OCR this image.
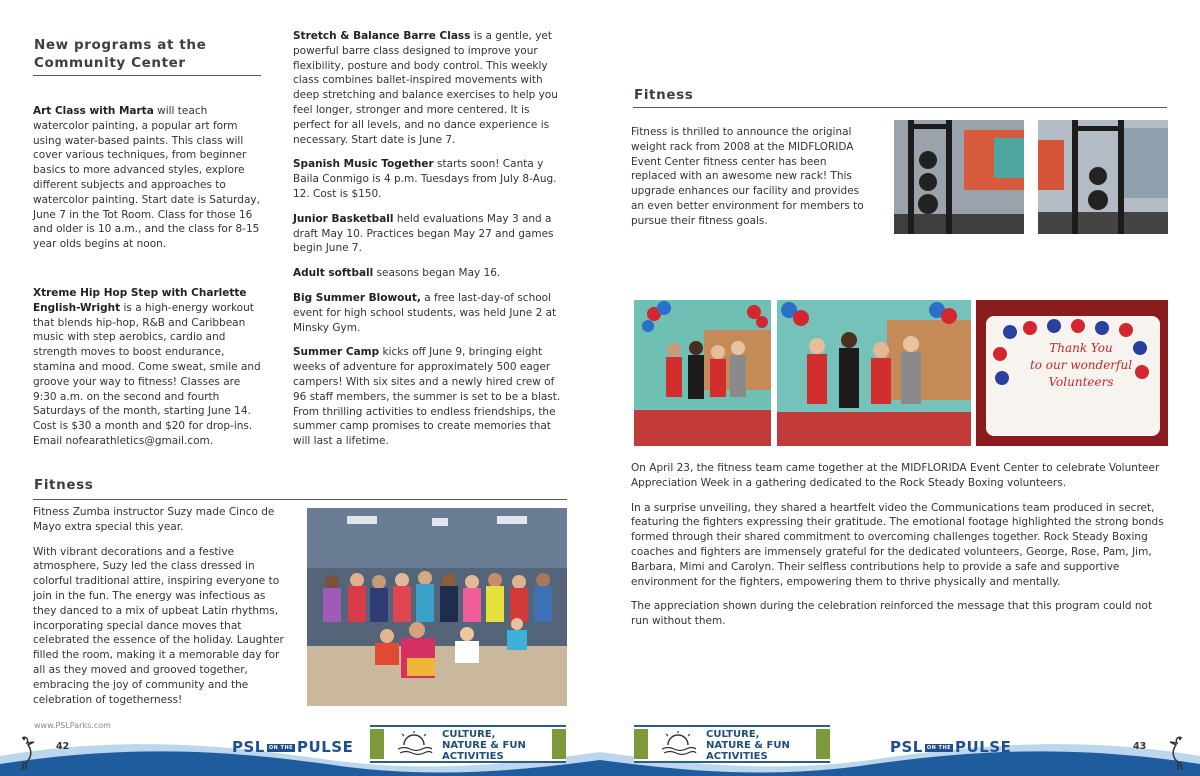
New programs at the
Community Center
Art Class with Marta will teach watercolor painting, a popular art form using water-based paints. This class will cover various techniques, from beginner basics to more advanced styles, explore different subjects and approaches to watercolor painting. Start date is Saturday, June 7 in the Tot Room. Class for those 16 and older is 10 a.m., and the class for 8-15 year olds begins at noon.
Xtreme Hip Hop Step with Charlette English-Wright is a high-energy workout that blends hip-hop, R&B and Caribbean music with step aerobics, cardio and strength moves to boost endurance, stamina and mood. Come sweat, smile and groove your way to fitness! Classes are 9:30 a.m. on the second and fourth Saturdays of the month, starting June 14. Cost is $30 a month and $20 for drop-ins. Email nofearathletics@gmail.com.

Stretch & Balance Barre Class is a gentle, yet powerful barre class designed to improve your flexibility, posture and body control. This weekly class combines ballet-inspired movements with deep stretching and balance exercises to help you feel longer, stronger and more centered. It is perfect for all levels, and no dance experience is necessary. Start date is June 7.

Spanish Music Together starts soon! Canta y Baila Conmigo is 4 p.m. Tuesdays from July 8-Aug. 12. Cost is $150.

Junior Basketball held evaluations May 3 and a draft May 10. Practices began May 27 and games begin June 7.

Adult softball seasons began May 16.

Big Summer Blowout, a free last-day-of school event for high school students, was held June 2 at Minsky Gym.

Summer Camp kicks off June 9, bringing eight weeks of adventure for approximately 500 eager campers! With six sites and a newly hired crew of 96 staff members, the summer is set to be a blast. From thrilling activities to endless friendships, the summer camp promises to create memories that will last a lifetime.

Fitness

Fitness Zumba instructor Suzy made Cinco de Mayo extra special this year.

With vibrant decorations and a festive atmosphere, Suzy led the class dressed in colorful traditional attire, inspiring everyone to join in the fun. The energy was infectious as they danced to a mix of upbeat Latin rhythms, incorporating special dance moves that celebrated the essence of the holiday. Laughter filled the room, making it a memorable day for all as they moved and grooved together, embracing the joy of community and the celebration of togetherness!

www.PSLParks.com
42	PSL ON THE PULSE
CULTURE,
NATURE & FUN
ACTIVITIES
Fitness
Fitness is thrilled to announce the original weight rack from 2008 at the MIDFLORIDA Event Center fitness center has been replaced with an awesome new rack! This upgrade enhances our facility and provides an even better environment for members to pursue their fitness goals.
Thank You
to our wonderful
Volunteers

On April 23, the fitness team came together at the MIDFLORIDA Event Center to celebrate Volunteer Appreciation Week in a gathering dedicated to the Rock Steady Boxing volunteers.

In a surprise unveiling, they shared a heartfelt video the Communications team produced in secret, featuring the fighters expressing their gratitude. The emotional footage highlighted the strong bonds formed through their shared commitment to overcoming challenges together. Rock Steady Boxing coaches and fighters are immensely grateful for the dedicated volunteers, George, Rose, Pam, Jim, Barbara, Mimi and Carolyn. Their selfless contributions help to provide a safe and supportive environment for the fighters, empowering them to thrive physically and mentally.

The appreciation shown during the celebration reinforced the message that this program could not run without them.

CULTURE,
NATURE & FUN
ACTIVITIES
PSL ON THE PULSE	43
